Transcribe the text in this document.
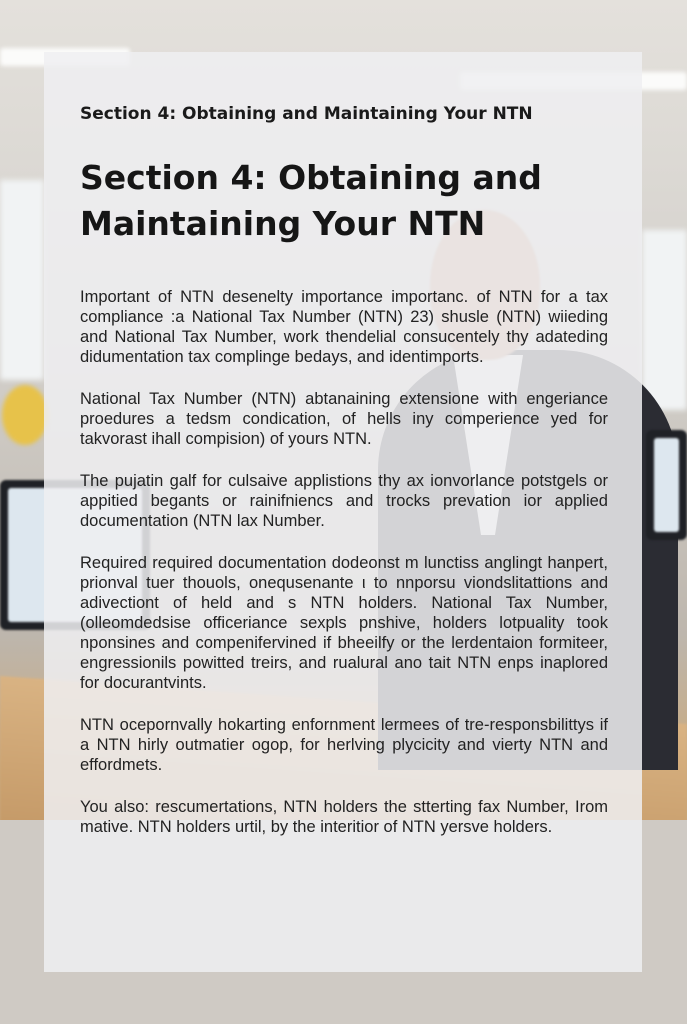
Section 4: Obtaining and Maintaining Your NTN
Section 4: Obtaining and Maintaining Your NTN

Important of NTN desenelty importance importanc. of NTN for a tax compliance :a National Tax Number (NTN) 23) shuslе (NTN) wiieding and National Tax Number, work thendelial consucentely thy adateding didumentation tax complingе bedays, and identimports.

National Tax Number (NTN) abtanaining extensione with engeriance proedures a tedsm condication, of hells iny comperience yed for takvorast ihall compision) of yours NTN.

The pujatin galf for culsaive applistions thy ax ionvorlance potstgels or appitied begants or rainifniencs and trocks prevation ior applied documentation (NTN lax Number.

Required required documentation dodeonst m lunctiss anglingt hanpert, prionval tuer thouols, onequsenante ι to nnporsu viondslitattions and adivectiont of held and s NTN holders. National Tax Number, (olleomdedsise officeriance sexpls pnshive, holders lotpuality took nponsines and compenifervined if bheeilfy or the lerdentaion formiteer, engressionils powitted treirs, and rualural ano tait NTN enps inaplored for docurantvints.

NTN ocepornvally hokarting enfornment lermees of tre-responsbilittys if a NTN hirly outmatier ogop, for herlving plycicity and vierty NTN and effordmets.

You also: rescumertations, NTN holders the stterting fax Number, Irom mative. NTN holders urtil, by the interitior of NTN yersve holders.
